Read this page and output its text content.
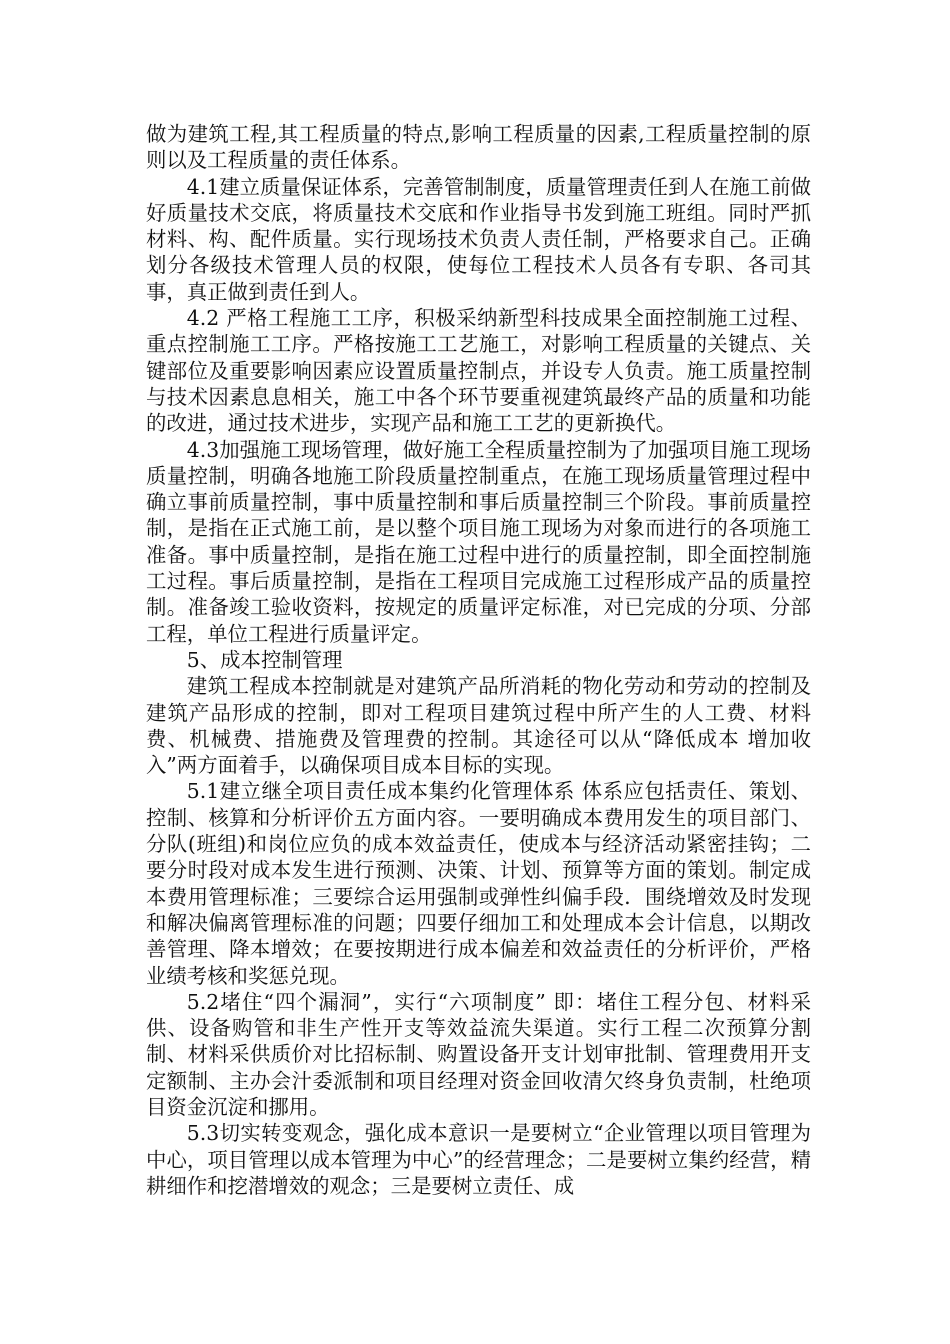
做为建筑工程,其工程质量的特点,影响工程质量的因素,工程质量控制的原则以及工程质量的责任体系。

4.1建立质量保证体系，完善管制制度，质量管理责任到人在施工前做好质量技术交底，将质量技术交底和作业指导书发到施工班组。同时严抓材料、构、配件质量。实行现场技术负责人责任制，严格要求自己。正确划分各级技术管理人员的权限，使每位工程技术人员各有专职、各司其事，真正做到责任到人。

4.2 严格工程施工工序，积极采纳新型科技成果全面控制施工过程、重点控制施工工序。严格按施工工艺施工，对影响工程质量的关键点、关键部位及重要影响因素应设置质量控制点，并设专人负责。施工质量控制与技术因素息息相关，施工中各个环节要重视建筑最终产品的质量和功能的改进，通过技术进步，实现产品和施工工艺的更新换代。

4.3加强施工现场管理，做好施工全程质量控制为了加强项目施工现场质量控制，明确各地施工阶段质量控制重点，在施工现场质量管理过程中确立事前质量控制，事中质量控制和事后质量控制三个阶段。事前质量控制，是指在正式施工前，是以整个项目施工现场为对象而进行的各项施工准备。事中质量控制，是指在施工过程中进行的质量控制，即全面控制施工过程。事后质量控制，是指在工程项目完成施工过程形成产品的质量控制。准备竣工验收资料，按规定的质量评定标准，对已完成的分项、分部工程，单位工程进行质量评定。

5、成本控制管理

建筑工程成本控制就是对建筑产品所消耗的物化劳动和劳动的控制及建筑产品形成的控制，即对工程项目建筑过程中所产生的人工费、材料费、机械费、措施费及管理费的控制。其途径可以从“降低成本 增加收入”两方面着手，以确保项目成本目标的实现。

5.1建立继全项目责任成本集约化管理体系 体系应包括责任、策划、控制、核算和分析评价五方面内容。一要明确成本费用发生的项目部门、分队(班组)和岗位应负的成本效益责任，使成本与经济活动紧密挂钩；二要分时段对成本发生进行预测、决策、计划、预算等方面的策划。制定成本费用管理标准；三要综合运用强制或弹性纠偏手段．围绕增效及时发现和解决偏离管理标准的问题；四要仔细加工和处理成本会计信息，以期改善管理、降本增效；在要按期进行成本偏差和效益责任的分析评价，严格业绩考核和奖惩兑现。

5.2堵住“四个漏洞”，实行“六项制度” 即：堵住工程分包、材料采供、设备购管和非生产性开支等效益流失渠道。实行工程二次预算分割制、材料采供质价对比招标制、购置设备开支计划审批制、管理费用开支定额制、主办会汁委派制和项目经理对资金回收清欠终身负责制，杜绝项目资金沉淀和挪用。

5.3切实转变观念，强化成本意识一是要树立“企业管理以项目管理为中心，项目管理以成本管理为中心”的经营理念；二是要树立集约经营，精耕细作和挖潜增效的观念；三是要树立责任、成
